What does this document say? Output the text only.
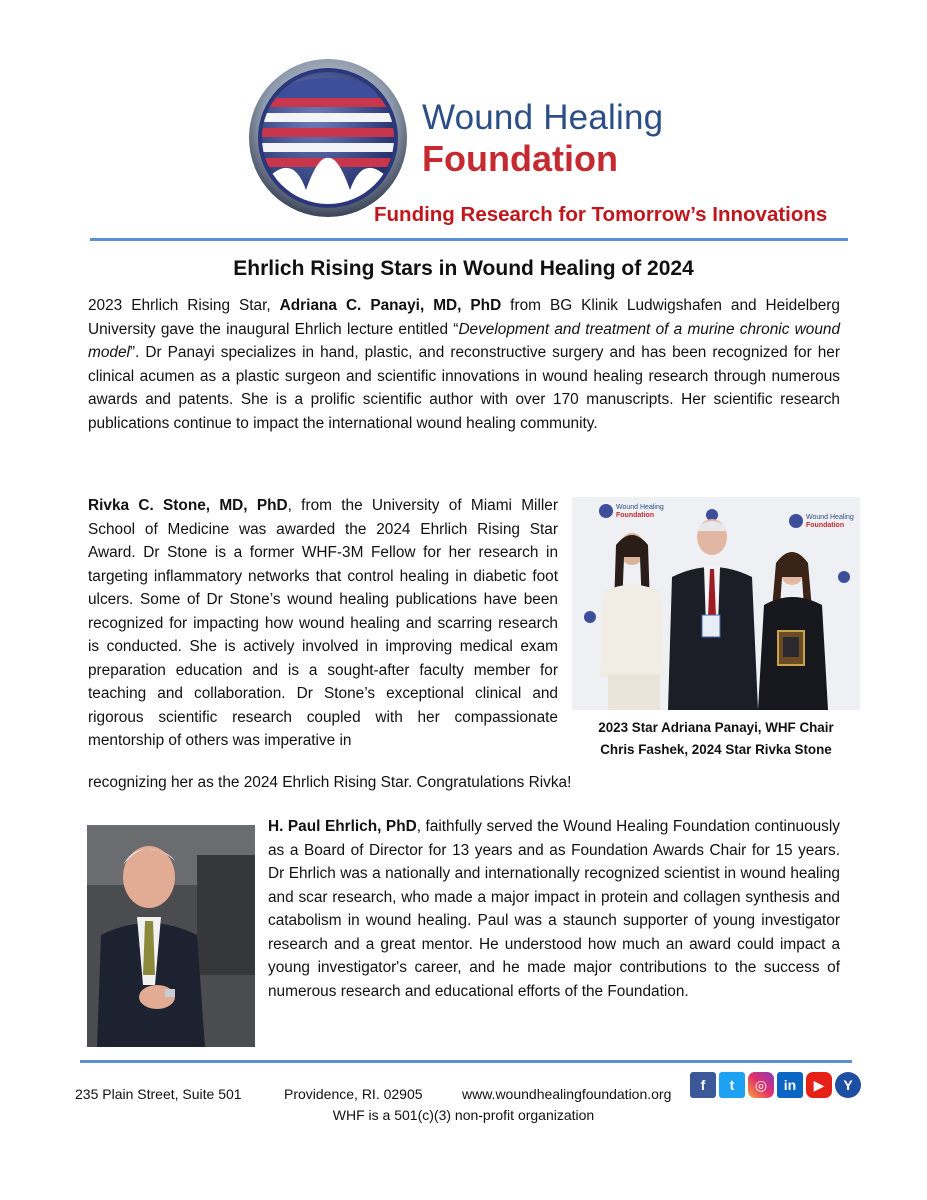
Wound Healing
Foundation
Funding Research for Tomorrow’s Innovations
Ehrlich Rising Stars in Wound Healing of 2024
2023 Ehrlich Rising Star, Adriana C. Panayi, MD, PhD from BG Klinik Ludwigshafen and Heidelberg University gave the inaugural Ehrlich lecture entitled “Development and treatment of a murine chronic wound model”. Dr Panayi specializes in hand, plastic, and reconstructive surgery and has been recognized for her clinical acumen as a plastic surgeon and scientific innovations in wound healing research through numerous awards and patents. She is a prolific scientific author with over 170 manuscripts. Her scientific research publications continue to impact the international wound healing community.
Rivka C. Stone, MD, PhD, from the University of Miami Miller School of Medicine was awarded the 2024 Ehrlich Rising Star Award. Dr Stone is a former WHF-3M Fellow for her research in targeting inflammatory networks that control healing in diabetic foot ulcers. Some of Dr Stone’s wound healing publications have been recognized for impacting how wound healing and scarring research is conducted. She is actively involved in improving medical exam preparation education and is a sought-after faculty member for teaching and collaboration. Dr Stone’s exceptional clinical and rigorous scientific research coupled with her compassionate mentorship of others was imperative in
recognizing her as the 2024 Ehrlich Rising Star. Congratulations Rivka!
Wound Healing
Foundation	Wound Healing
Foundation
2023 Star Adriana Panayi, WHF Chair
Chris Fashek, 2024 Star Rivka Stone
H. Paul Ehrlich, PhD, faithfully served the Wound Healing Foundation continuously as a Board of Director for 13 years and as Foundation Awards Chair for 15 years. Dr Ehrlich was a nationally and internationally recognized scientist in wound healing and scar research, who made a major impact in protein and collagen synthesis and catabolism in wound healing. Paul was a staunch supporter of young investigator research and a great mentor. He understood how much an award could impact a young investigator's career, and he made major contributions to the success of numerous research and educational efforts of the Foundation.
235 Plain Street, Suite 501	Providence, RI. 02905	www.woundhealingfoundation.org
WHF is a 501(c)(3) non-profit organization
f	t	◎	in	▶	Y
